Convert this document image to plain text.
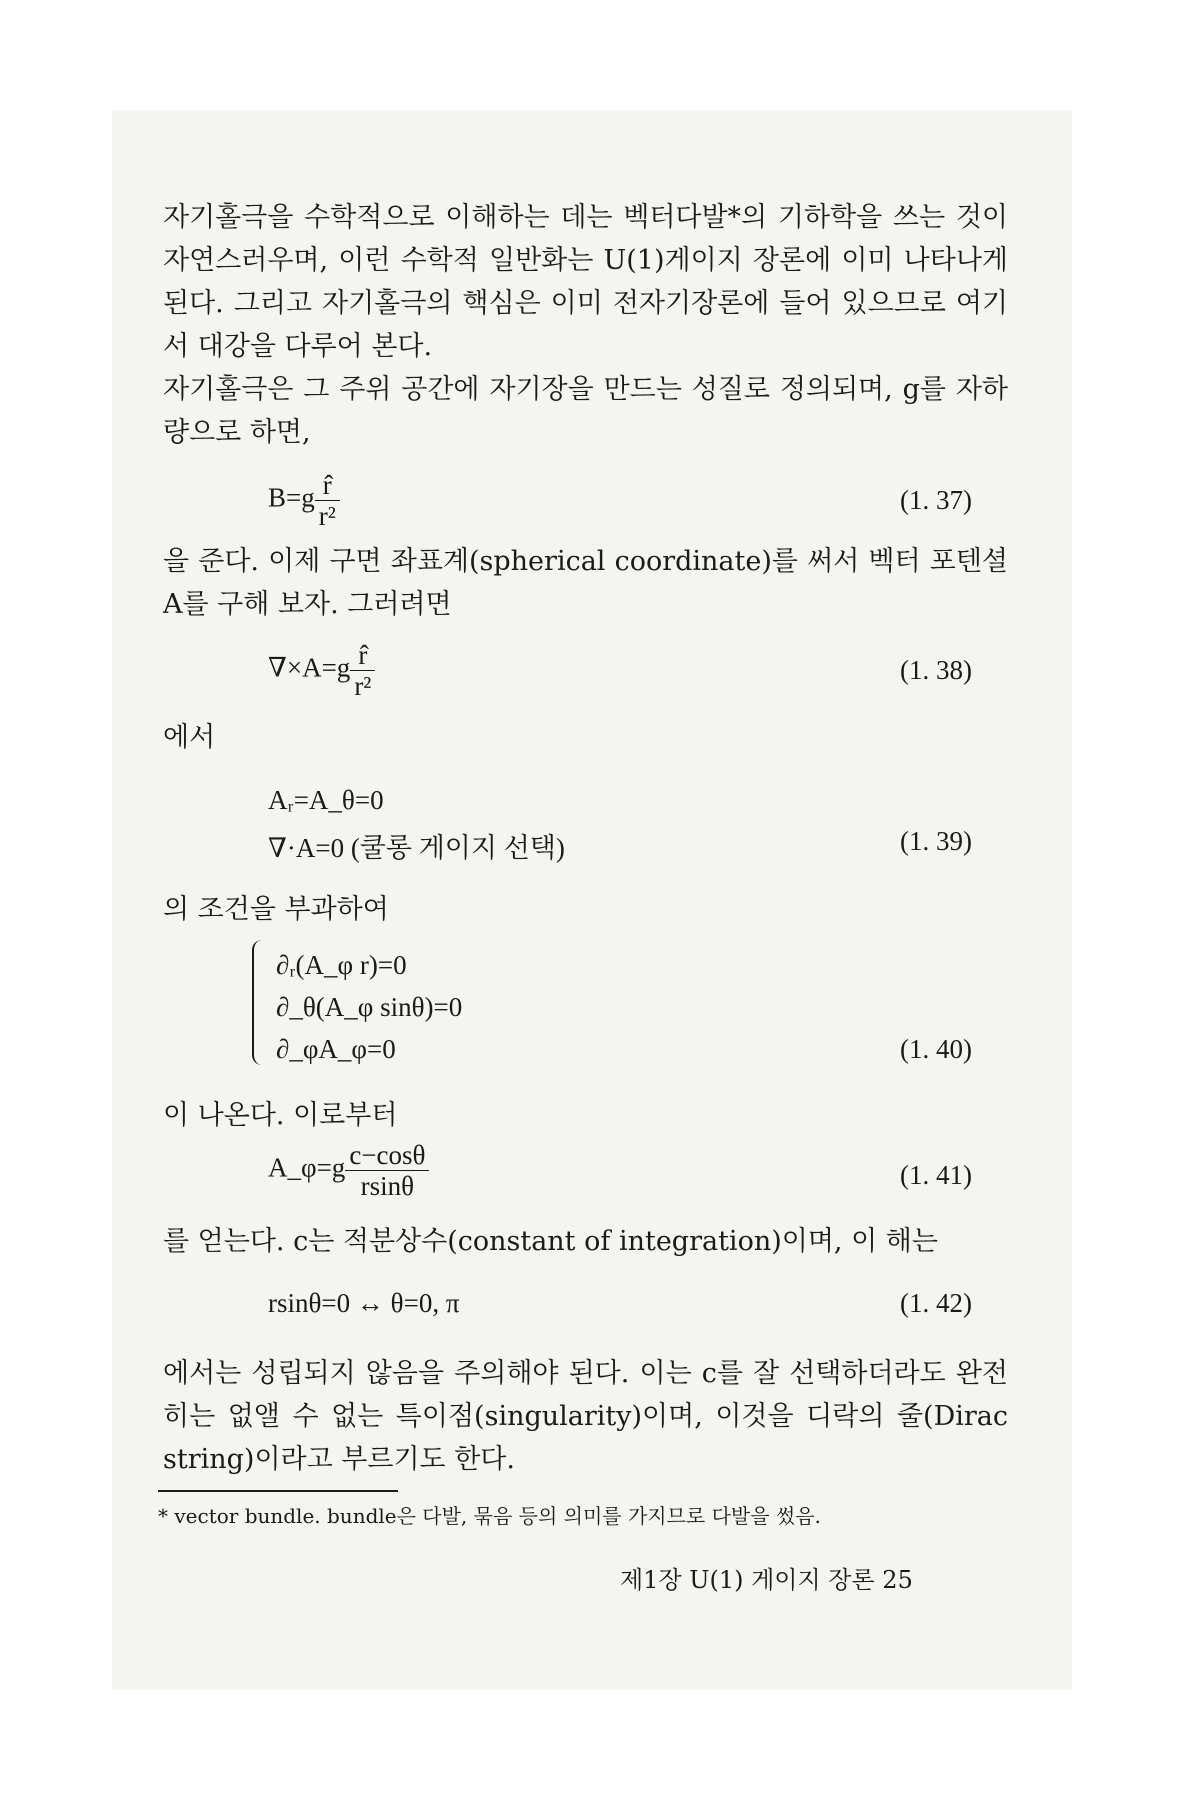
자기홀극을 수학적으로 이해하는 데는 벡터다발*의 기하학을 쓰는 것이 자연스러우며, 이런 수학적 일반화는 U(1)게이지 장론에 이미 나타나게 된다. 그리고 자기홀극의 핵심은 이미 전자기장론에 들어 있으므로 여기서 대강을 다루어 본다.

자기홀극은 그 주위 공간에 자기장을 만드는 성질로 정의되며, g를 자하량으로 하면,

$B=g \frac{r̂}{\text{r²}}$	(1. 37)

을 준다. 이제 구면 좌표계(spherical coordinate)를 써서 벡터 포텐셜 A를 구해 보자. 그러려면

$\nabla\times A=g \frac{r̂}{\text{r²}}$	(1. 38)

에서

Aᵣ=A_θ=0
∇·A=0 (쿨롱 게이지 선택)	(1. 39)

의 조건을 부과하여

∂ᵣ(A_φ r)=0
∂_θ(A_φ sinθ)=0
∂_φA_φ=0	(1. 40)

이 나온다. 이로부터

A_φ=g $\frac{c-\cos\theta}{rsin\theta}$	(1. 41)

를 얻는다. c는 적분상수(constant of integration)이며, 이 해는

rsinθ=0 ↔ θ=0, π	(1. 42)

에서는 성립되지 않음을 주의해야 된다. 이는 c를 잘 선택하더라도 완전히는 없앨 수 없는 특이점(singularity)이며, 이것을 디락의 줄(Dirac string)이라고 부르기도 한다.

* vector bundle. bundle은 다발, 묶음 등의 의미를 가지므로 다발을 썼음.

제1장 U(1) 게이지 장론 25
